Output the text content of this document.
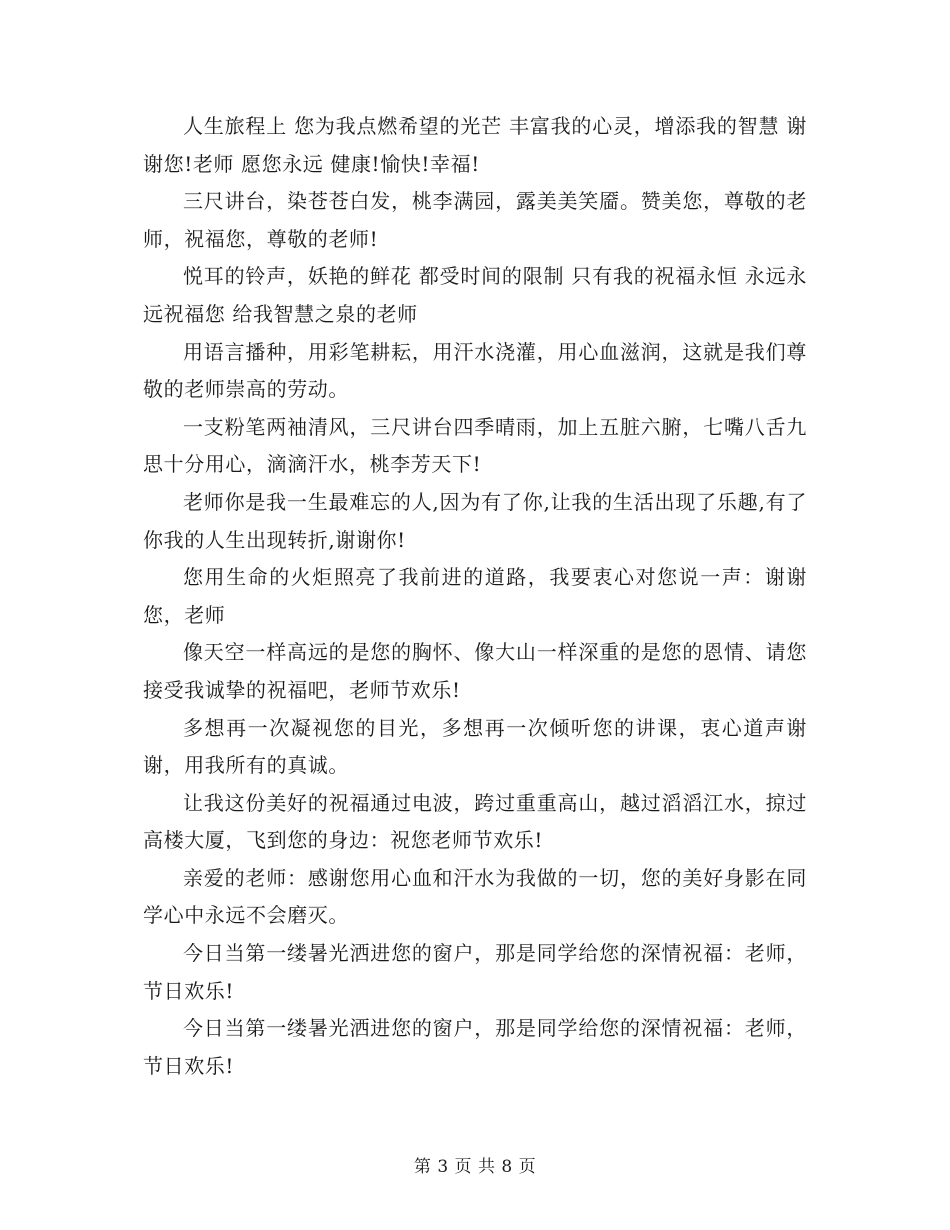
人生旅程上 您为我点燃希望的光芒 丰富我的心灵，增添我的智慧 谢谢您!老师 愿您永远 健康!愉快!幸福!

三尺讲台，染苍苍白发，桃李满园，露美美笑靥。赞美您，尊敬的老师，祝福您，尊敬的老师!

悦耳的铃声，妖艳的鲜花 都受时间的限制 只有我的祝福永恒 永远永远祝福您 给我智慧之泉的老师

用语言播种，用彩笔耕耘，用汗水浇灌，用心血滋润，这就是我们尊敬的老师崇高的劳动。

一支粉笔两袖清风，三尺讲台四季晴雨，加上五脏六腑，七嘴八舌九思十分用心，滴滴汗水，桃李芳天下!

老师你是我一生最难忘的人,因为有了你,让我的生活出现了乐趣,有了你我的人生出现转折,谢谢你!

您用生命的火炬照亮了我前进的道路，我要衷心对您说一声：谢谢您，老师

像天空一样高远的是您的胸怀、像大山一样深重的是您的恩情、请您接受我诚挚的祝福吧，老师节欢乐!

多想再一次凝视您的目光，多想再一次倾听您的讲课，衷心道声谢谢，用我所有的真诚。

让我这份美好的祝福通过电波，跨过重重高山，越过滔滔江水，掠过高楼大厦，飞到您的身边：祝您老师节欢乐!

亲爱的老师：感谢您用心血和汗水为我做的一切，您的美好身影在同学心中永远不会磨灭。

今日当第一缕暑光洒进您的窗户，那是同学给您的深情祝福：老师，节日欢乐!

今日当第一缕暑光洒进您的窗户，那是同学给您的深情祝福：老师，节日欢乐!

第 3 页 共 8 页
